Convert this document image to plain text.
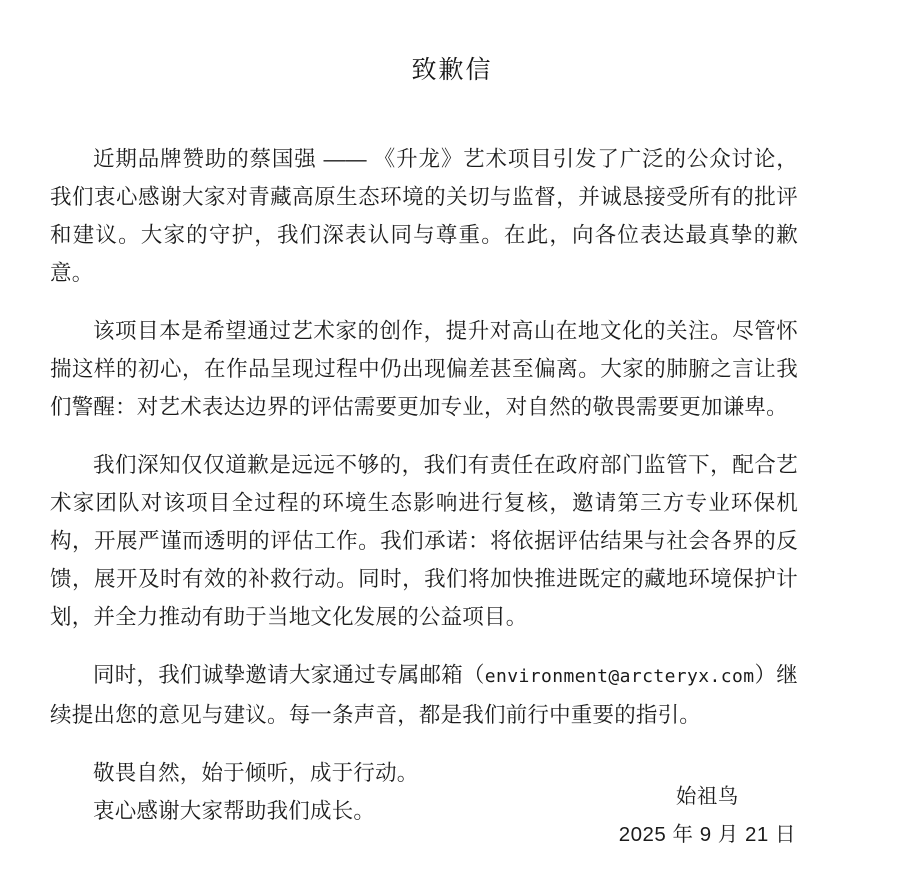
致歉信

近期品牌赞助的蔡国强 —— 《升龙》艺术项目引发了广泛的公众讨论，我们衷心感谢大家对青藏高原生态环境的关切与监督，并诚恳接受所有的批评和建议。大家的守护，我们深表认同与尊重。在此，向各位表达最真挚的歉意。

该项目本是希望通过艺术家的创作，提升对高山在地文化的关注。尽管怀揣这样的初心，在作品呈现过程中仍出现偏差甚至偏离。大家的肺腑之言让我们警醒：对艺术表达边界的评估需要更加专业，对自然的敬畏需要更加谦卑。

我们深知仅仅道歉是远远不够的，我们有责任在政府部门监管下，配合艺术家团队对该项目全过程的环境生态影响进行复核，邀请第三方专业环保机构，开展严谨而透明的评估工作。我们承诺：将依据评估结果与社会各界的反馈，展开及时有效的补救行动。同时，我们将加快推进既定的藏地环境保护计划，并全力推动有助于当地文化发展的公益项目。

同时，我们诚挚邀请大家通过专属邮箱（environment@arcteryx.com）继续提出您的意见与建议。每一条声音，都是我们前行中重要的指引。

敬畏自然，始于倾听，成于行动。
衷心感谢大家帮助我们成长。

始祖鸟
2025 年 9 月 21 日
